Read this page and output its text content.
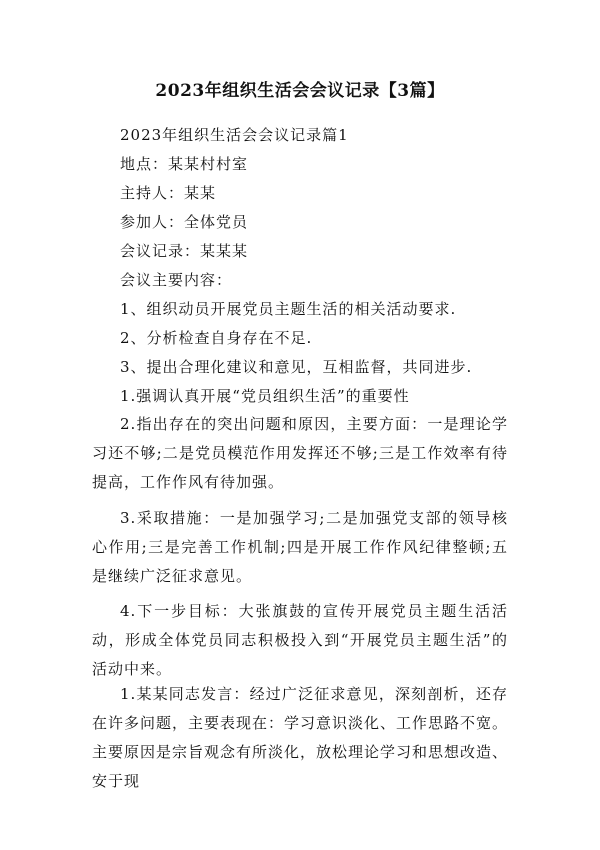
2023年组织生活会会议记录【3篇】
2023年组织生活会会议记录篇1
地点：某某村村室
主持人：某某
参加人：全体党员
会议记录：某某某
会议主要内容：
1、组织动员开展党员主题生活的相关活动要求.
2、分析检查自身存在不足.
3、提出合理化建议和意见，互相监督，共同进步.
1.强调认真开展“党员组织生活”的重要性
2.指出存在的突出问题和原因，主要方面：一是理论学习还不够;二是党员模范作用发挥还不够;三是工作效率有待提高，工作作风有待加强。
3.采取措施：一是加强学习;二是加强党支部的领导核心作用;三是完善工作机制;四是开展工作作风纪律整顿;五是继续广泛征求意见。
4.下一步目标：大张旗鼓的宣传开展党员主题生活活动，形成全体党员同志积极投入到“开展党员主题生活”的活动中来。
1.某某同志发言：经过广泛征求意见，深刻剖析，还存在许多问题，主要表现在：学习意识淡化、工作思路不宽。主要原因是宗旨观念有所淡化，放松理论学习和思想改造、安于现
